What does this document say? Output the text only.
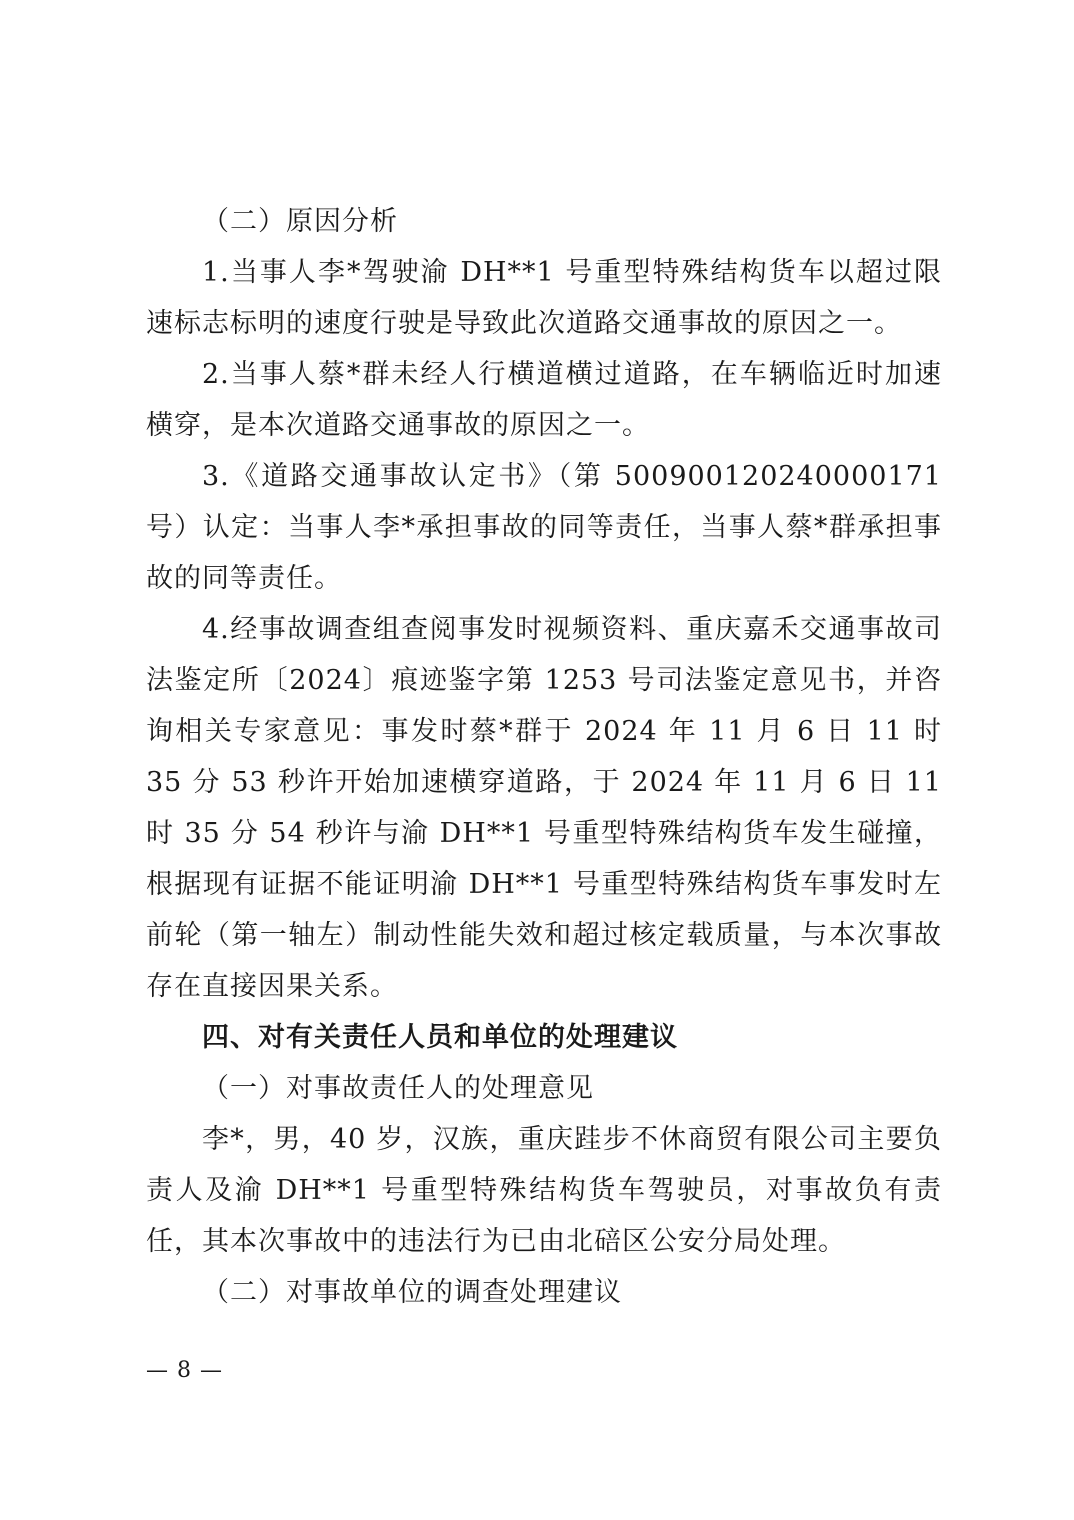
（二）原因分析

1.当事人李*驾驶渝 DH**1 号重型特殊结构货车以超过限速标志标明的速度行驶是导致此次道路交通事故的原因之一。

2.当事人蔡*群未经人行横道横过道路，在车辆临近时加速横穿，是本次道路交通事故的原因之一。

3.《道路交通事故认定书》（第 500900120240000171 号）认定：当事人李*承担事故的同等责任，当事人蔡*群承担事故的同等责任。

4.经事故调查组查阅事发时视频资料、重庆嘉禾交通事故司法鉴定所〔2024〕痕迹鉴字第 1253 号司法鉴定意见书，并咨询相关专家意见：事发时蔡*群于 2024 年 11 月 6 日 11 时 35 分 53 秒许开始加速横穿道路，于 2024 年 11 月 6 日 11 时 35 分 54 秒许与渝 DH**1 号重型特殊结构货车发生碰撞，根据现有证据不能证明渝 DH**1 号重型特殊结构货车事发时左前轮（第一轴左）制动性能失效和超过核定载质量，与本次事故存在直接因果关系。

四、对有关责任人员和单位的处理建议

（一）对事故责任人的处理意见

李*，男，40 岁，汉族，重庆跬步不休商贸有限公司主要负责人及渝 DH**1 号重型特殊结构货车驾驶员，对事故负有责任，其本次事故中的违法行为已由北碚区公安分局处理。

（二）对事故单位的调查处理建议

— 8 —
